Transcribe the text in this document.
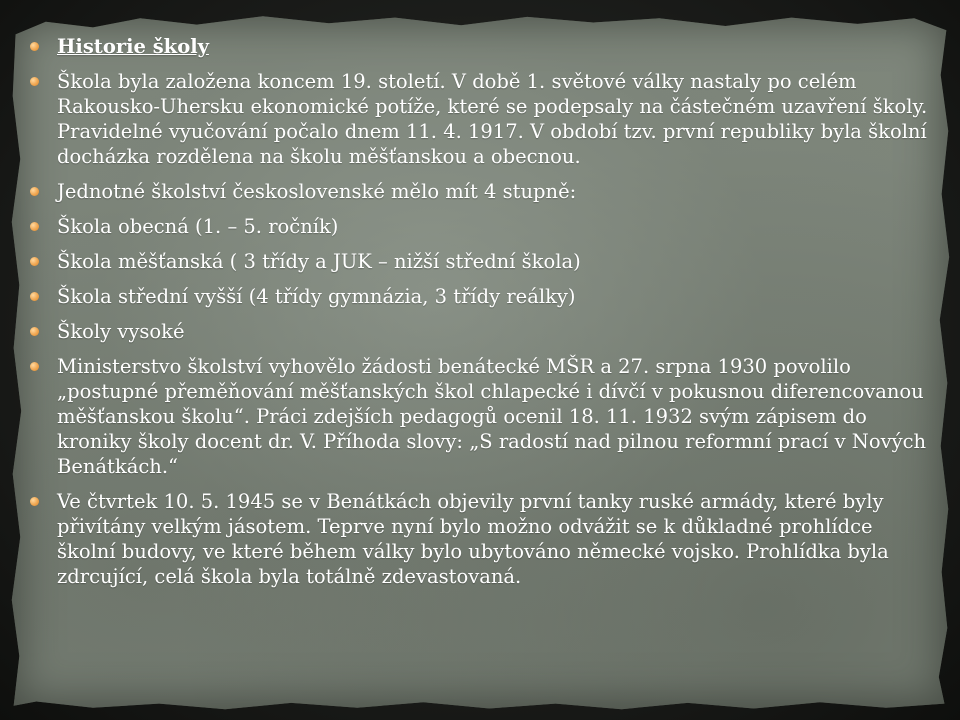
Historie školy
Škola byla založena koncem 19. století. V době 1. světové války nastaly po celém Rakousko-Uhersku ekonomické potíže, které se podepsaly na částečném uzavření školy. Pravidelné vyučování počalo dnem 11. 4. 1917. V období tzv. první republiky byla školní docházka rozdělena na školu měšťanskou a obecnou.
Jednotné školství československé mělo mít 4 stupně:
Škola obecná (1. – 5. ročník)
Škola měšťanská ( 3 třídy a JUK – nižší střední škola)
Škola střední vyšší (4 třídy gymnázia, 3 třídy reálky)
Školy vysoké
Ministerstvo školství vyhovělo žádosti benátecké MŠR a 27. srpna 1930 povolilo „postupné přeměňování měšťanských škol chlapecké i dívčí v pokusnou diferencovanou měšťanskou školu“. Práci zdejších pedagogů ocenil 18. 11. 1932 svým zápisem do kroniky školy docent dr. V. Příhoda slovy: „S radostí nad pilnou reformní prací v Nových Benátkách.“
Ve čtvrtek 10. 5. 1945 se v Benátkách objevily první tanky ruské armády, které byly přivítány velkým jásotem. Teprve nyní bylo možno odvážit se k důkladné prohlídce školní budovy, ve které během války bylo ubytováno německé vojsko. Prohlídka byla zdrcující, celá škola byla totálně zdevastovaná.
